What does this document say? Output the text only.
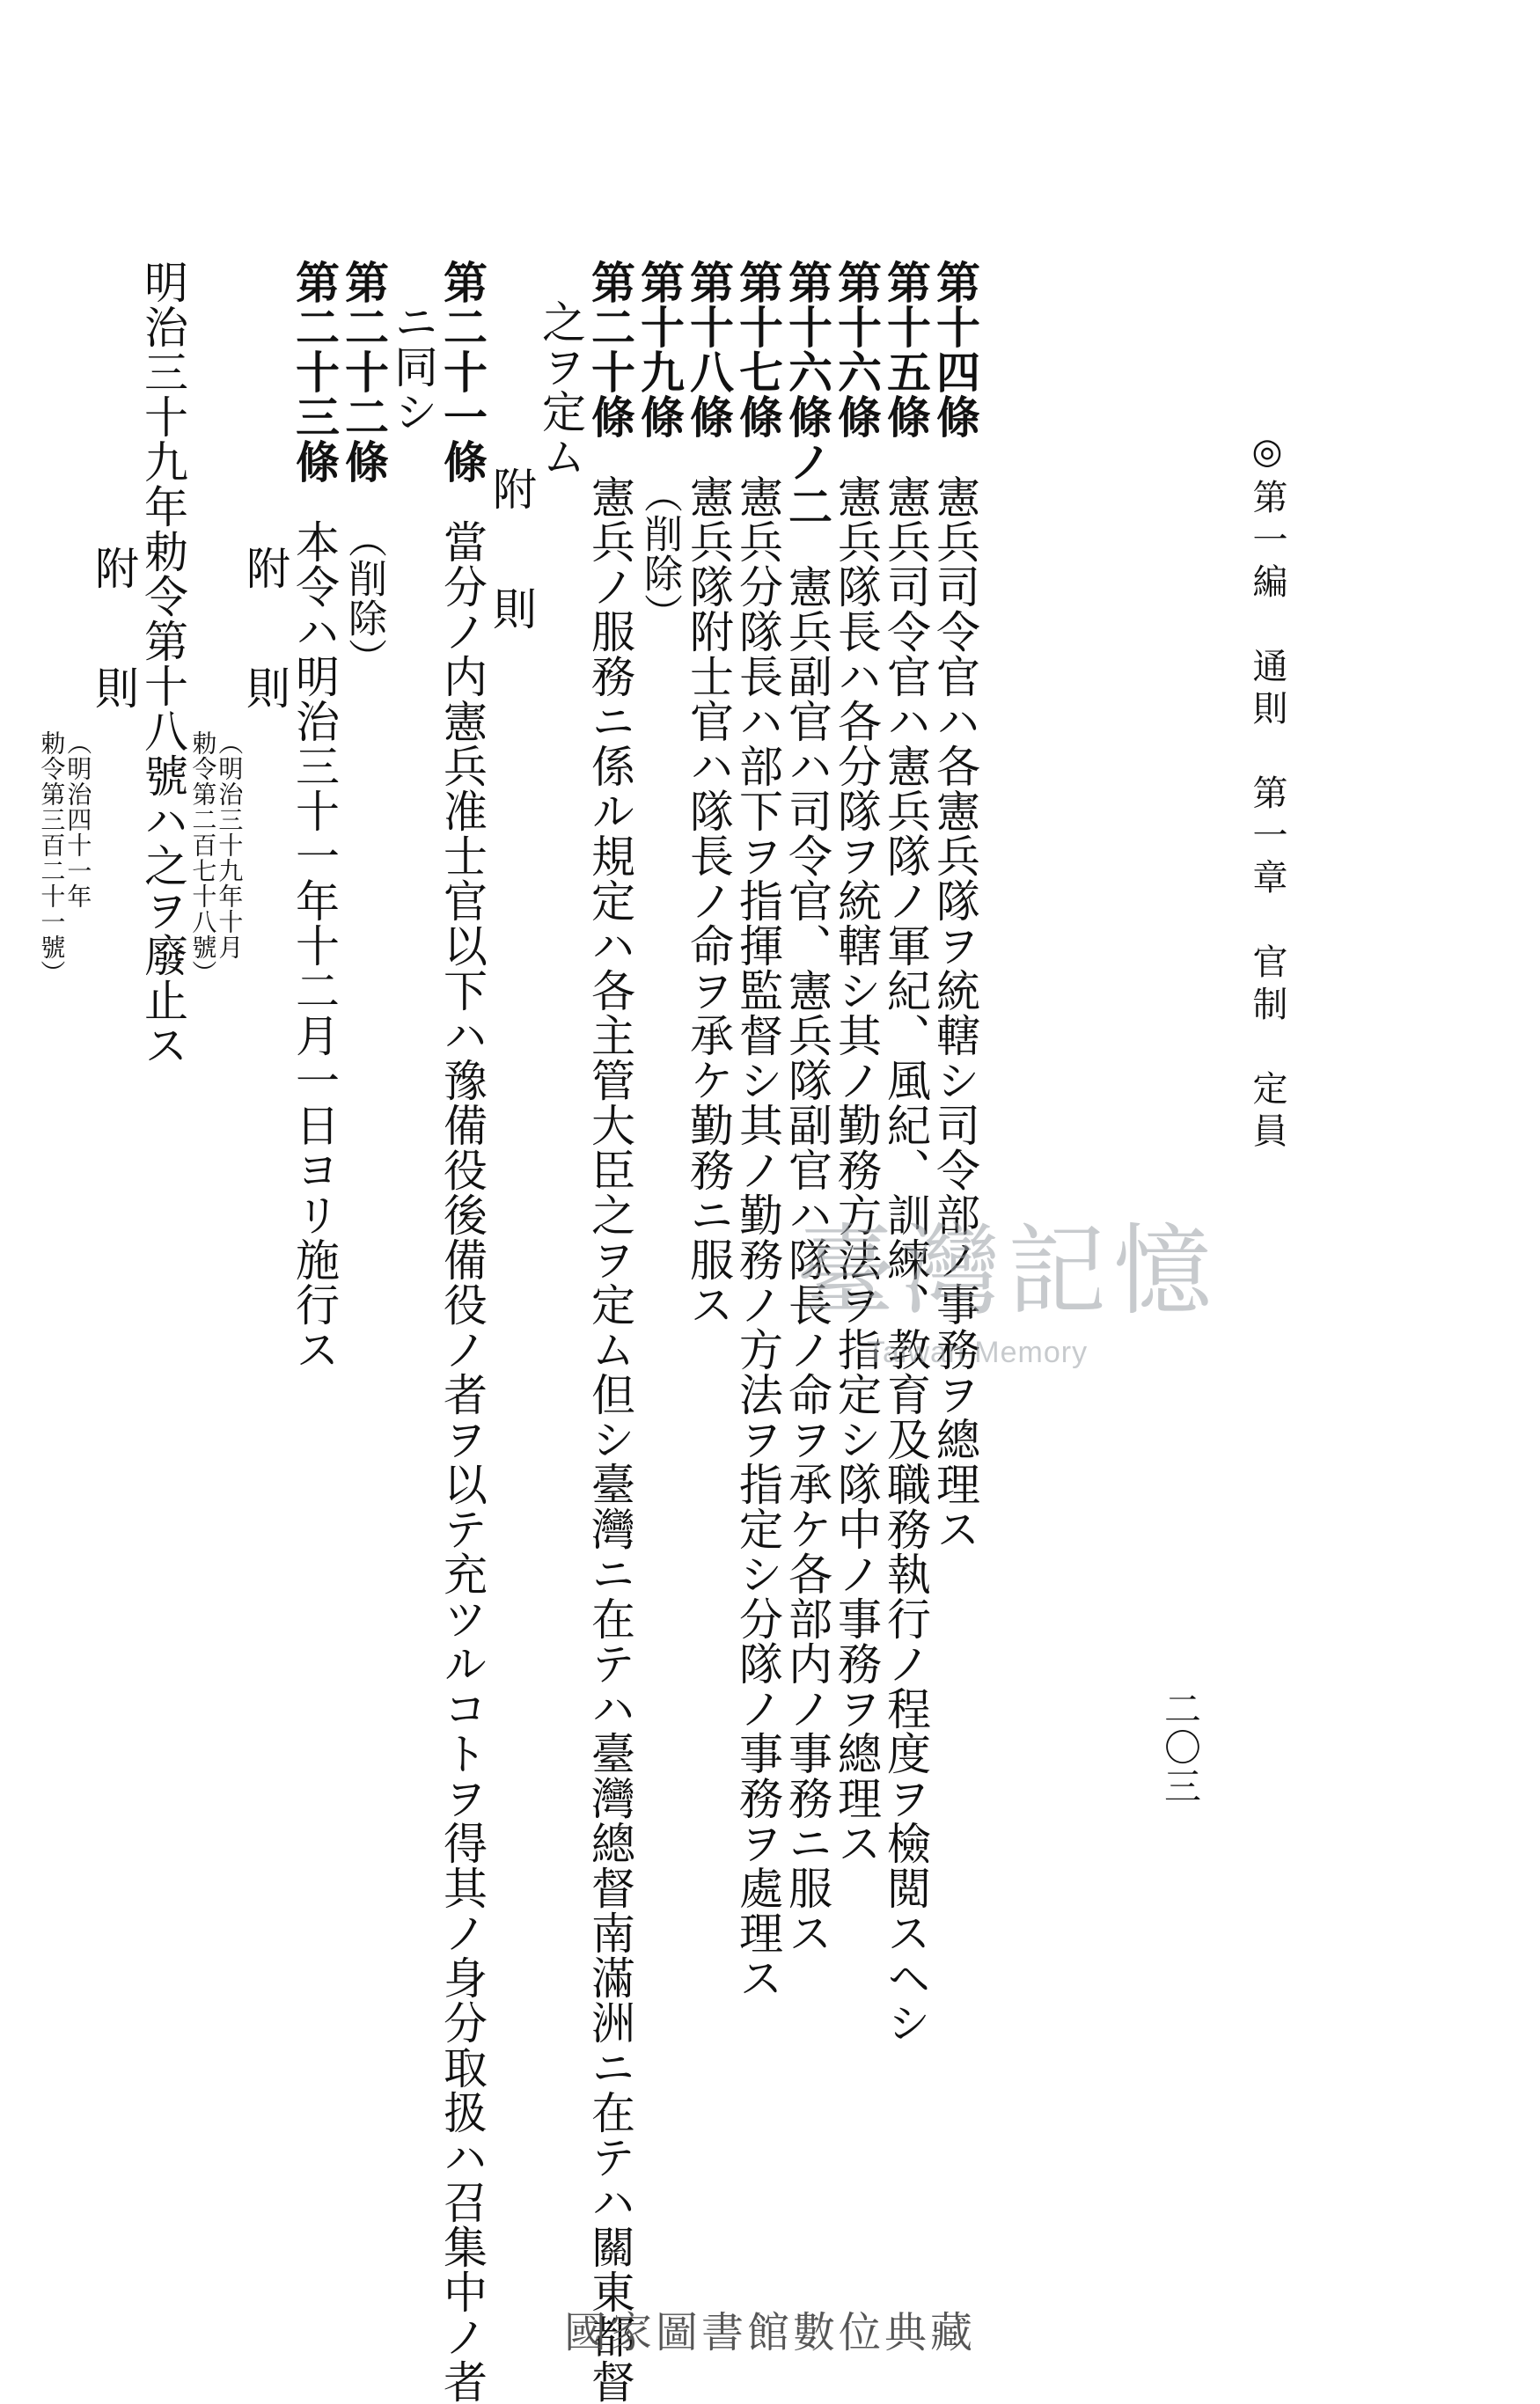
第十四條憲兵司令官ハ各憲兵隊ヲ統轄シ司令部ノ事務ヲ總理ス
第十五條憲兵司令官ハ憲兵隊ノ軍紀、風紀、訓練、教育及職務執行ノ程度ヲ檢閲スヘシ
第十六條憲兵隊長ハ各分隊ヲ統轄シ其ノ勤務方法ヲ指定シ隊中ノ事務ヲ總理ス
第十六條ノ二憲兵副官ハ司令官、憲兵隊副官ハ隊長ノ命ヲ承ケ各部内ノ事務ニ服ス
第十七條憲兵分隊長ハ部下ヲ指揮監督シ其ノ勤務ノ方法ヲ指定シ分隊ノ事務ヲ處理ス
第十八條憲兵隊附士官ハ隊長ノ命ヲ承ケ勤務ニ服ス
第十九條（削除）
第二十條憲兵ノ服務ニ係ル規定ハ各主管大臣之ヲ定ム但シ臺灣ニ在テハ臺灣總督南滿洲ニ在テハ關東都督
之ヲ定ム
附　則
第二十一條當分ノ内憲兵准士官以下ハ豫備役後備役ノ者ヲ以テ充ツルコトヲ得其ノ身分取扱ハ召集中ノ者
ニ同シ
第二十二條（削除）
第二十三條本令ハ明治三十一年十二月一日ヨリ施行ス
附　則
（明治三十九年十月
勅令第二百七十八號）
明治三十九年勅令第十八號ハ之ヲ廢止ス
臺灣記憶
Taiwan Memory
二〇三
◎第一編　通則　第一章　官制　定員
附　則
（明治四十一年
勅令第三百二十一號）
國家圖書館數位典藏
